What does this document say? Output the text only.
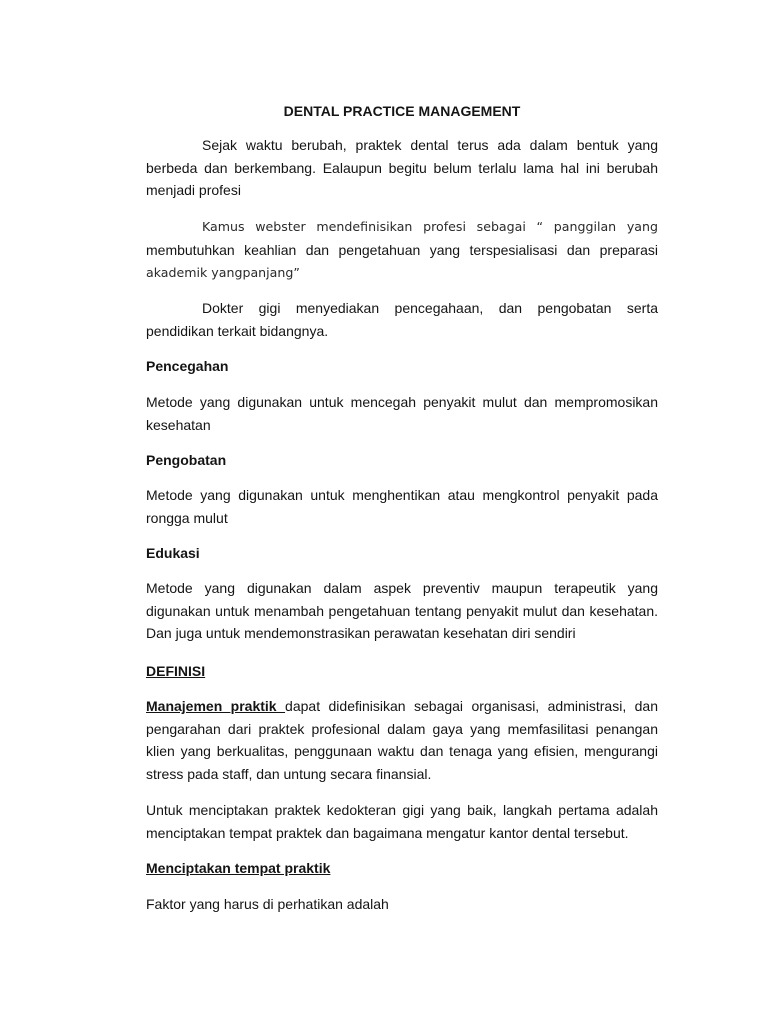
DENTAL PRACTICE MANAGEMENT

Sejak waktu berubah, praktek dental terus ada dalam bentuk yang berbeda dan berkembang. Ealaupun begitu belum terlalu lama hal ini berubah menjadi profesi

Kamus webster mendefinisikan profesi sebagai “ panggilan yang membutuhkan keahlian dan pengetahuan yang terspesialisasi dan preparasi akademik yangpanjang”

Dokter gigi menyediakan pencegahaan, dan pengobatan serta pendidikan terkait bidangnya.

Pencegahan

Metode yang digunakan untuk mencegah penyakit mulut dan mempromosikan kesehatan

Pengobatan

Metode yang digunakan untuk menghentikan atau mengkontrol penyakit pada rongga mulut

Edukasi

Metode yang digunakan dalam aspek preventiv maupun terapeutik yang digunakan untuk menambah pengetahuan tentang penyakit mulut dan kesehatan. Dan juga untuk mendemonstrasikan perawatan kesehatan diri sendiri

DEFINISI

Manajemen praktik dapat didefinisikan sebagai organisasi, administrasi, dan pengarahan dari praktek profesional dalam gaya yang memfasilitasi penangan klien yang berkualitas, penggunaan waktu dan tenaga yang efisien, mengurangi stress pada staff, dan untung secara finansial.

Untuk menciptakan praktek kedokteran gigi yang baik, langkah pertama adalah menciptakan tempat praktek dan bagaimana mengatur kantor dental tersebut.

Menciptakan tempat praktik

Faktor yang harus di perhatikan adalah
